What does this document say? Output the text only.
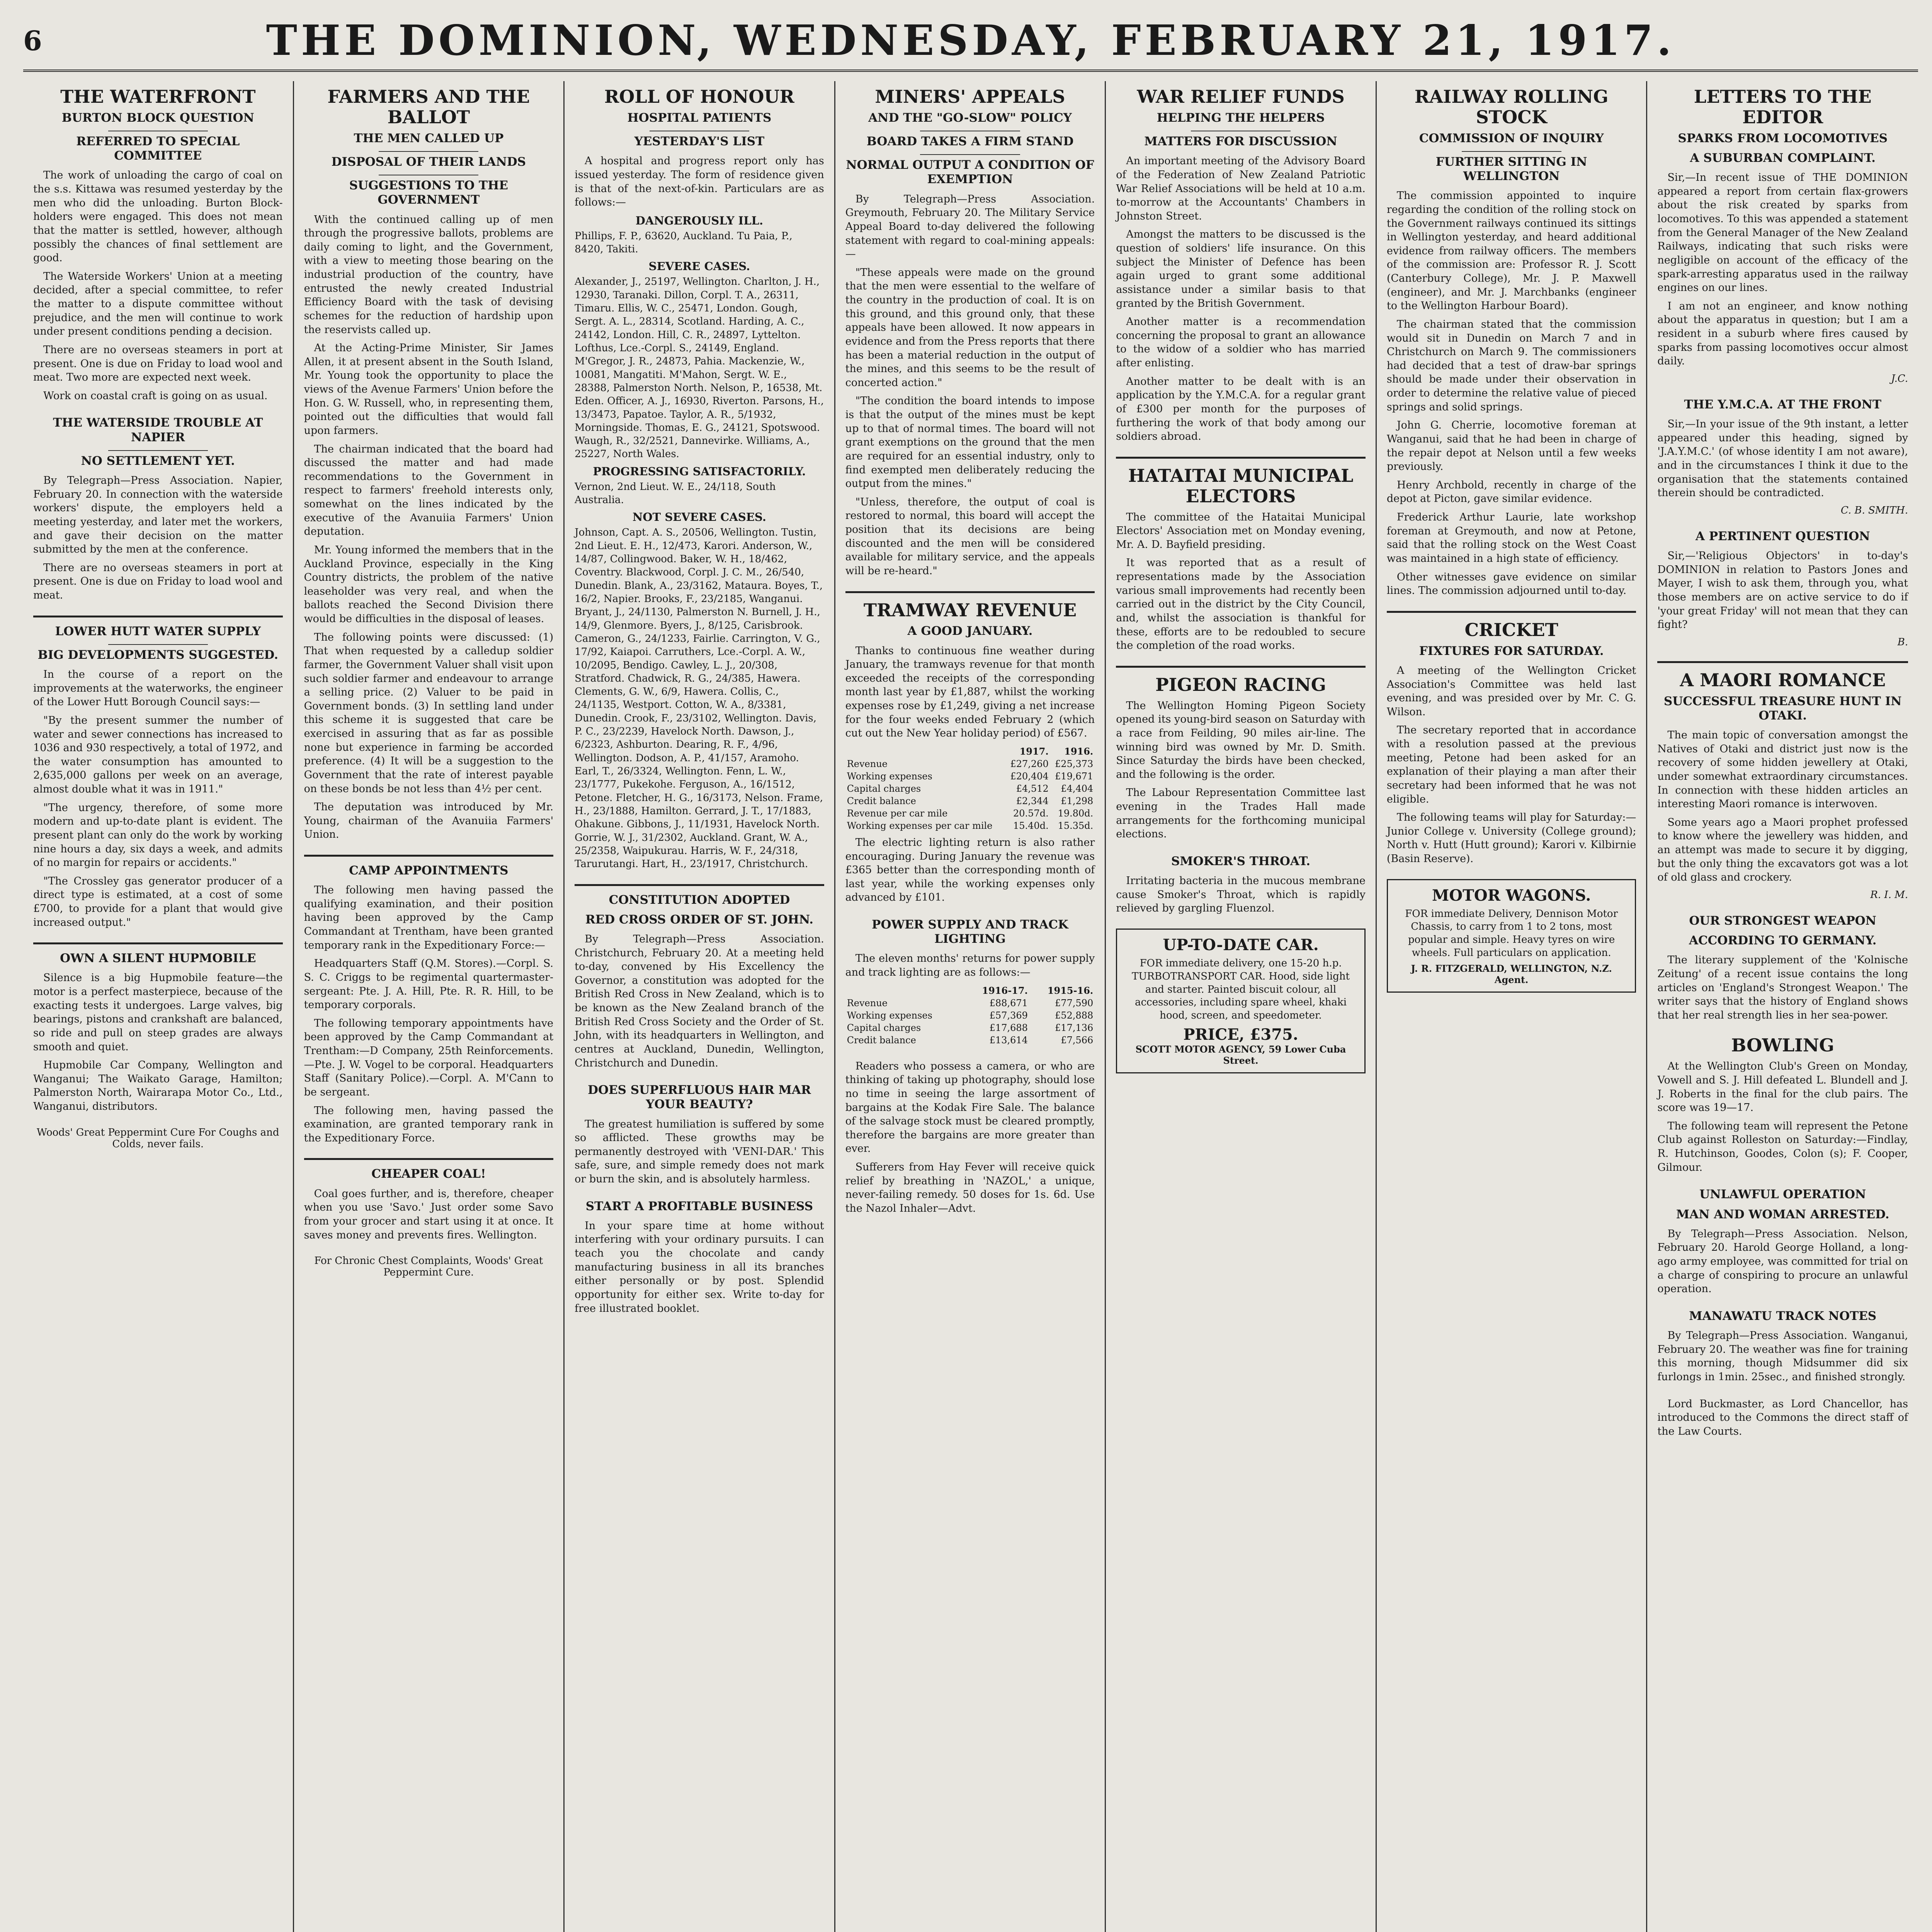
6	THE DOMINION, WEDNESDAY, FEBRUARY 21, 1917.
THE WATERFRONT
BURTON BLOCK QUESTION
REFERRED TO SPECIAL COMMITTEE

The work of unloading the cargo of coal on the s.s. Kittawa was resumed yesterday by the men who did the unloading. Burton Block-holders were engaged. This does not mean that the matter is settled, however, although possibly the chances of final settlement are good.

The Waterside Workers' Union at a meeting decided, after a special committee, to refer the matter to a dispute committee without prejudice, and the men will continue to work under present conditions pending a decision.

There are no overseas steamers in port at present. One is due on Friday to load wool and meat. Two more are expected next week.

Work on coastal craft is going on as usual.

THE WATERSIDE TROUBLE AT NAPIER
NO SETTLEMENT YET.

By Telegraph—Press Association. Napier, February 20. In connection with the waterside workers' dispute, the employers held a meeting yesterday, and later met the workers, and gave their decision on the matter submitted by the men at the conference.

There are no overseas steamers in port at present. One is due on Friday to load wool and meat.

LOWER HUTT WATER SUPPLY
BIG DEVELOPMENTS SUGGESTED.

In the course of a report on the improvements at the waterworks, the engineer of the Lower Hutt Borough Council says:—

"By the present summer the number of water and sewer connections has increased to 1036 and 930 respectively, a total of 1972, and the water consumption has amounted to 2,635,000 gallons per week on an average, almost double what it was in 1911."

"The urgency, therefore, of some more modern and up-to-date plant is evident. The present plant can only do the work by working nine hours a day, six days a week, and admits of no margin for repairs or accidents."

"The Crossley gas generator producer of a direct type is estimated, at a cost of some £700, to provide for a plant that would give increased output."

OWN A SILENT HUPMOBILE

Silence is a big Hupmobile feature—the motor is a perfect masterpiece, because of the exacting tests it undergoes. Large valves, big bearings, pistons and crankshaft are balanced, so ride and pull on steep grades are always smooth and quiet.

Hupmobile Car Company, Wellington and Wanganui; The Waikato Garage, Hamilton; Palmerston North, Wairarapa Motor Co., Ltd., Wanganui, distributors.

Woods' Great Peppermint Cure For Coughs and Colds, never fails.
FARMERS AND THE BALLOT
THE MEN CALLED UP
DISPOSAL OF THEIR LANDS
SUGGESTIONS TO THE GOVERNMENT

With the continued calling up of men through the progressive ballots, problems are daily coming to light, and the Government, with a view to meeting those bearing on the industrial production of the country, have entrusted the newly created Industrial Efficiency Board with the task of devising schemes for the reduction of hardship upon the reservists called up.

At the Acting-Prime Minister, Sir James Allen, it at present absent in the South Island, Mr. Young took the opportunity to place the views of the Avenue Farmers' Union before the Hon. G. W. Russell, who, in representing them, pointed out the difficulties that would fall upon farmers.

The chairman indicated that the board had discussed the matter and had made recommendations to the Government in respect to farmers' freehold interests only, somewhat on the lines indicated by the executive of the Avanuiia Farmers' Union deputation.

Mr. Young informed the members that in the Auckland Province, especially in the King Country districts, the problem of the native leaseholder was very real, and when the ballots reached the Second Division there would be difficulties in the disposal of leases.

The following points were discussed: (1) That when requested by a calledup soldier farmer, the Government Valuer shall visit upon such soldier farmer and endeavour to arrange a selling price. (2) Valuer to be paid in Government bonds. (3) In settling land under this scheme it is suggested that care be exercised in assuring that as far as possible none but experience in farming be accorded preference. (4) It will be a suggestion to the Government that the rate of interest payable on these bonds be not less than 4½ per cent.

The deputation was introduced by Mr. Young, chairman of the Avanuiia Farmers' Union.

CAMP APPOINTMENTS

The following men having passed the qualifying examination, and their position having been approved by the Camp Commandant at Trentham, have been granted temporary rank in the Expeditionary Force:—

Headquarters Staff (Q.M. Stores).—Corpl. S. S. C. Criggs to be regimental quartermaster-sergeant: Pte. J. A. Hill, Pte. R. R. Hill, to be temporary corporals.

The following temporary appointments have been approved by the Camp Commandant at Trentham:—D Company, 25th Reinforcements.—Pte. J. W. Vogel to be corporal. Headquarters Staff (Sanitary Police).—Corpl. A. M'Cann to be sergeant.

The following men, having passed the examination, are granted temporary rank in the Expeditionary Force.

CHEAPER COAL!

Coal goes further, and is, therefore, cheaper when you use 'Savo.' Just order some Savo from your grocer and start using it at once. It saves money and prevents fires. Wellington.

For Chronic Chest Complaints, Woods' Great Peppermint Cure.
ROLL OF HONOUR
HOSPITAL PATIENTS
YESTERDAY'S LIST

A hospital and progress report only has issued yesterday. The form of residence given is that of the next-of-kin. Particulars are as follows:—

DANGEROUSLY ILL.

Phillips, F. P., 63620, Auckland. Tu Paia, P., 8420, Takiti.

SEVERE CASES.

Alexander, J., 25197, Wellington. Charlton, J. H., 12930, Taranaki. Dillon, Corpl. T. A., 26311, Timaru. Ellis, W. C., 25471, London. Gough, Sergt. A. L., 28314, Scotland. Harding, A. C., 24142, London. Hill, C. R., 24897, Lyttelton. Lofthus, Lce.-Corpl. S., 24149, England. M'Gregor, J. R., 24873, Pahia. Mackenzie, W., 10081, Mangatiti. M'Mahon, Sergt. W. E., 28388, Palmerston North. Nelson, P., 16538, Mt. Eden. Officer, A. J., 16930, Riverton. Parsons, H., 13/3473, Papatoe. Taylor, A. R., 5/1932, Morningside. Thomas, E. G., 24121, Spotswood. Waugh, R., 32/2521, Dannevirke. Williams, A., 25227, North Wales.

PROGRESSING SATISFACTORILY.

Vernon, 2nd Lieut. W. E., 24/118, South Australia.

NOT SEVERE CASES.

Johnson, Capt. A. S., 20506, Wellington. Tustin, 2nd Lieut. E. H., 12/473, Karori. Anderson, W., 14/87, Collingwood. Baker, W. H., 18/462, Coventry. Blackwood, Corpl. J. C. M., 26/540, Dunedin. Blank, A., 23/3162, Mataura. Boyes, T., 16/2, Napier. Brooks, F., 23/2185, Wanganui. Bryant, J., 24/1130, Palmerston N. Burnell, J. H., 14/9, Glenmore. Byers, J., 8/125, Carisbrook. Cameron, G., 24/1233, Fairlie. Carrington, V. G., 17/92, Kaiapoi. Carruthers, Lce.-Corpl. A. W., 10/2095, Bendigo. Cawley, L. J., 20/308, Stratford. Chadwick, R. G., 24/385, Hawera. Clements, G. W., 6/9, Hawera. Collis, C., 24/1135, Westport. Cotton, W. A., 8/3381, Dunedin. Crook, F., 23/3102, Wellington. Davis, P. C., 23/2239, Havelock North. Dawson, J., 6/2323, Ashburton. Dearing, R. F., 4/96, Wellington. Dodson, A. P., 41/157, Aramoho. Earl, T., 26/3324, Wellington. Fenn, L. W., 23/1777, Pukekohe. Ferguson, A., 16/1512, Petone. Fletcher, H. G., 16/3173, Nelson. Frame, H., 23/1888, Hamilton. Gerrard, J. T., 17/1883, Ohakune. Gibbons, J., 11/1931, Havelock North. Gorrie, W. J., 31/2302, Auckland. Grant, W. A., 25/2358, Waipukurau. Harris, W. F., 24/318, Tarurutangi. Hart, H., 23/1917, Christchurch.

CONSTITUTION ADOPTED
RED CROSS ORDER OF ST. JOHN.

By Telegraph—Press Association. Christchurch, February 20. At a meeting held to-day, convened by His Excellency the Governor, a constitution was adopted for the British Red Cross in New Zealand, which is to be known as the New Zealand branch of the British Red Cross Society and the Order of St. John, with its headquarters in Wellington, and centres at Auckland, Dunedin, Wellington, Christchurch and Dunedin.

DOES SUPERFLUOUS HAIR MAR YOUR BEAUTY?

The greatest humiliation is suffered by some so afflicted. These growths may be permanently destroyed with 'VENI-DAR.' This safe, sure, and simple remedy does not mark or burn the skin, and is absolutely harmless.

START A PROFITABLE BUSINESS

In your spare time at home without interfering with your ordinary pursuits. I can teach you the chocolate and candy manufacturing business in all its branches either personally or by post. Splendid opportunity for either sex. Write to-day for free illustrated booklet.

MINERS' APPEALS
AND THE "GO-SLOW" POLICY
BOARD TAKES A FIRM STAND
NORMAL OUTPUT A CONDITION OF EXEMPTION

By Telegraph—Press Association. Greymouth, February 20. The Military Service Appeal Board to-day delivered the following statement with regard to coal-mining appeals:—

"These appeals were made on the ground that the men were essential to the welfare of the country in the production of coal. It is on this ground, and this ground only, that these appeals have been allowed. It now appears in evidence and from the Press reports that there has been a material reduction in the output of the mines, and this seems to be the result of concerted action."

"The condition the board intends to impose is that the output of the mines must be kept up to that of normal times. The board will not grant exemptions on the ground that the men are required for an essential industry, only to find exempted men deliberately reducing the output from the mines."

"Unless, therefore, the output of coal is restored to normal, this board will accept the position that its decisions are being discounted and the men will be considered available for military service, and the appeals will be re-heard."

TRAMWAY REVENUE
A GOOD JANUARY.

Thanks to continuous fine weather during January, the tramways revenue for that month exceeded the receipts of the corresponding month last year by £1,887, whilst the working expenses rose by £1,249, giving a net increase for the four weeks ended February 2 (which cut out the New Year holiday period) of £567.

	1917.	1916.
Revenue	£27,260	£25,373
Working expenses	£20,404	£19,671
Capital charges	£4,512	£4,404
Credit balance	£2,344	£1,298
Revenue per car mile	20.57d.	19.80d.
Working expenses per car mile	15.40d.	15.35d.

The electric lighting return is also rather encouraging. During January the revenue was £365 better than the corresponding month of last year, while the working expenses only advanced by £101.

POWER SUPPLY AND TRACK LIGHTING

The eleven months' returns for power supply and track lighting are as follows:—

	1916-17.	1915-16.
Revenue	£88,671	£77,590
Working expenses	£57,369	£52,888
Capital charges	£17,688	£17,136
Credit balance	£13,614	£7,566

Readers who possess a camera, or who are thinking of taking up photography, should lose no time in seeing the large assortment of bargains at the Kodak Fire Sale. The balance of the salvage stock must be cleared promptly, therefore the bargains are more greater than ever.

Sufferers from Hay Fever will receive quick relief by breathing in 'NAZOL,' a unique, never-failing remedy. 50 doses for 1s. 6d. Use the Nazol Inhaler—Advt.

WAR RELIEF FUNDS
HELPING THE HELPERS
MATTERS FOR DISCUSSION

An important meeting of the Advisory Board of the Federation of New Zealand Patriotic War Relief Associations will be held at 10 a.m. to-morrow at the Accountants' Chambers in Johnston Street.

Amongst the matters to be discussed is the question of soldiers' life insurance. On this subject the Minister of Defence has been again urged to grant some additional assistance under a similar basis to that granted by the British Government.

Another matter is a recommendation concerning the proposal to grant an allowance to the widow of a soldier who has married after enlisting.

Another matter to be dealt with is an application by the Y.M.C.A. for a regular grant of £300 per month for the purposes of furthering the work of that body among our soldiers abroad.

HATAITAI MUNICIPAL ELECTORS

The committee of the Hataitai Municipal Electors' Association met on Monday evening, Mr. A. D. Bayfield presiding.

It was reported that as a result of representations made by the Association various small improvements had recently been carried out in the district by the City Council, and, whilst the association is thankful for these, efforts are to be redoubled to secure the completion of the road works.

PIGEON RACING

The Wellington Homing Pigeon Society opened its young-bird season on Saturday with a race from Feilding, 90 miles air-line. The winning bird was owned by Mr. D. Smith. Since Saturday the birds have been checked, and the following is the order.

The Labour Representation Committee last evening in the Trades Hall made arrangements for the forthcoming municipal elections.

SMOKER'S THROAT.

Irritating bacteria in the mucous membrane cause Smoker's Throat, which is rapidly relieved by gargling Fluenzol.

UP-TO-DATE CAR.

FOR immediate delivery, one 15-20 h.p. TURBOTRANSPORT CAR. Hood, side light and starter. Painted biscuit colour, all accessories, including spare wheel, khaki hood, screen, and speedometer.

PRICE, £375.
SCOTT MOTOR AGENCY, 59 Lower Cuba Street.
RAILWAY ROLLING STOCK
COMMISSION OF INQUIRY
FURTHER SITTING IN WELLINGTON

The commission appointed to inquire regarding the condition of the rolling stock on the Government railways continued its sittings in Wellington yesterday, and heard additional evidence from railway officers. The members of the commission are: Professor R. J. Scott (Canterbury College), Mr. J. P. Maxwell (engineer), and Mr. J. Marchbanks (engineer to the Wellington Harbour Board).

The chairman stated that the commission would sit in Dunedin on March 7 and in Christchurch on March 9. The commissioners had decided that a test of draw-bar springs should be made under their observation in order to determine the relative value of pieced springs and solid springs.

John G. Cherrie, locomotive foreman at Wanganui, said that he had been in charge of the repair depot at Nelson until a few weeks previously.

Henry Archbold, recently in charge of the depot at Picton, gave similar evidence.

Frederick Arthur Laurie, late workshop foreman at Greymouth, and now at Petone, said that the rolling stock on the West Coast was maintained in a high state of efficiency.

Other witnesses gave evidence on similar lines. The commission adjourned until to-day.

CRICKET
FIXTURES FOR SATURDAY.

A meeting of the Wellington Cricket Association's Committee was held last evening, and was presided over by Mr. C. G. Wilson.

The secretary reported that in accordance with a resolution passed at the previous meeting, Petone had been asked for an explanation of their playing a man after their secretary had been informed that he was not eligible.

The following teams will play for Saturday:—Junior College v. University (College ground); North v. Hutt (Hutt ground); Karori v. Kilbirnie (Basin Reserve).

MOTOR WAGONS.

FOR immediate Delivery, Dennison Motor Chassis, to carry from 1 to 2 tons, most popular and simple. Heavy tyres on wire wheels. Full particulars on application.

J. R. FITZGERALD, WELLINGTON, N.Z. Agent.
LETTERS TO THE EDITOR
SPARKS FROM LOCOMOTIVES
A SUBURBAN COMPLAINT.

Sir,—In recent issue of THE DOMINION appeared a report from certain flax-growers about the risk created by sparks from locomotives. To this was appended a statement from the General Manager of the New Zealand Railways, indicating that such risks were negligible on account of the efficacy of the spark-arresting apparatus used in the railway engines on our lines.

I am not an engineer, and know nothing about the apparatus in question; but I am a resident in a suburb where fires caused by sparks from passing locomotives occur almost daily.

J.C.
THE Y.M.C.A. AT THE FRONT

Sir,—In your issue of the 9th instant, a letter appeared under this heading, signed by 'J.A.Y.M.C.' (of whose identity I am not aware), and in the circumstances I think it due to the organisation that the statements contained therein should be contradicted.

C. B. SMITH.
A PERTINENT QUESTION

Sir,—'Religious Objectors' in to-day's DOMINION in relation to Pastors Jones and Mayer, I wish to ask them, through you, what those members are on active service to do if 'your great Friday' will not mean that they can fight?

B.
A MAORI ROMANCE
SUCCESSFUL TREASURE HUNT IN OTAKI.

The main topic of conversation amongst the Natives of Otaki and district just now is the recovery of some hidden jewellery at Otaki, under somewhat extraordinary circumstances. In connection with these hidden articles an interesting Maori romance is interwoven.

Some years ago a Maori prophet professed to know where the jewellery was hidden, and an attempt was made to secure it by digging, but the only thing the excavators got was a lot of old glass and crockery.

R. I. M.
OUR STRONGEST WEAPON
ACCORDING TO GERMANY.

The literary supplement of the 'Kolnische Zeitung' of a recent issue contains the long articles on 'England's Strongest Weapon.' The writer says that the history of England shows that her real strength lies in her sea-power.

BOWLING

At the Wellington Club's Green on Monday, Vowell and S. J. Hill defeated L. Blundell and J. J. Roberts in the final for the club pairs. The score was 19—17.

The following team will represent the Petone Club against Rolleston on Saturday:—Findlay, R. Hutchinson, Goodes, Colon (s); F. Cooper, Gilmour.

UNLAWFUL OPERATION
MAN AND WOMAN ARRESTED.

By Telegraph—Press Association. Nelson, February 20. Harold George Holland, a long-ago army employee, was committed for trial on a charge of conspiring to procure an unlawful operation.

MANAWATU TRACK NOTES

By Telegraph—Press Association. Wanganui, February 20. The weather was fine for training this morning, though Midsummer did six furlongs in 1min. 25sec., and finished strongly.

Lord Buckmaster, as Lord Chancellor, has introduced to the Commons the direct staff of the Law Courts.
